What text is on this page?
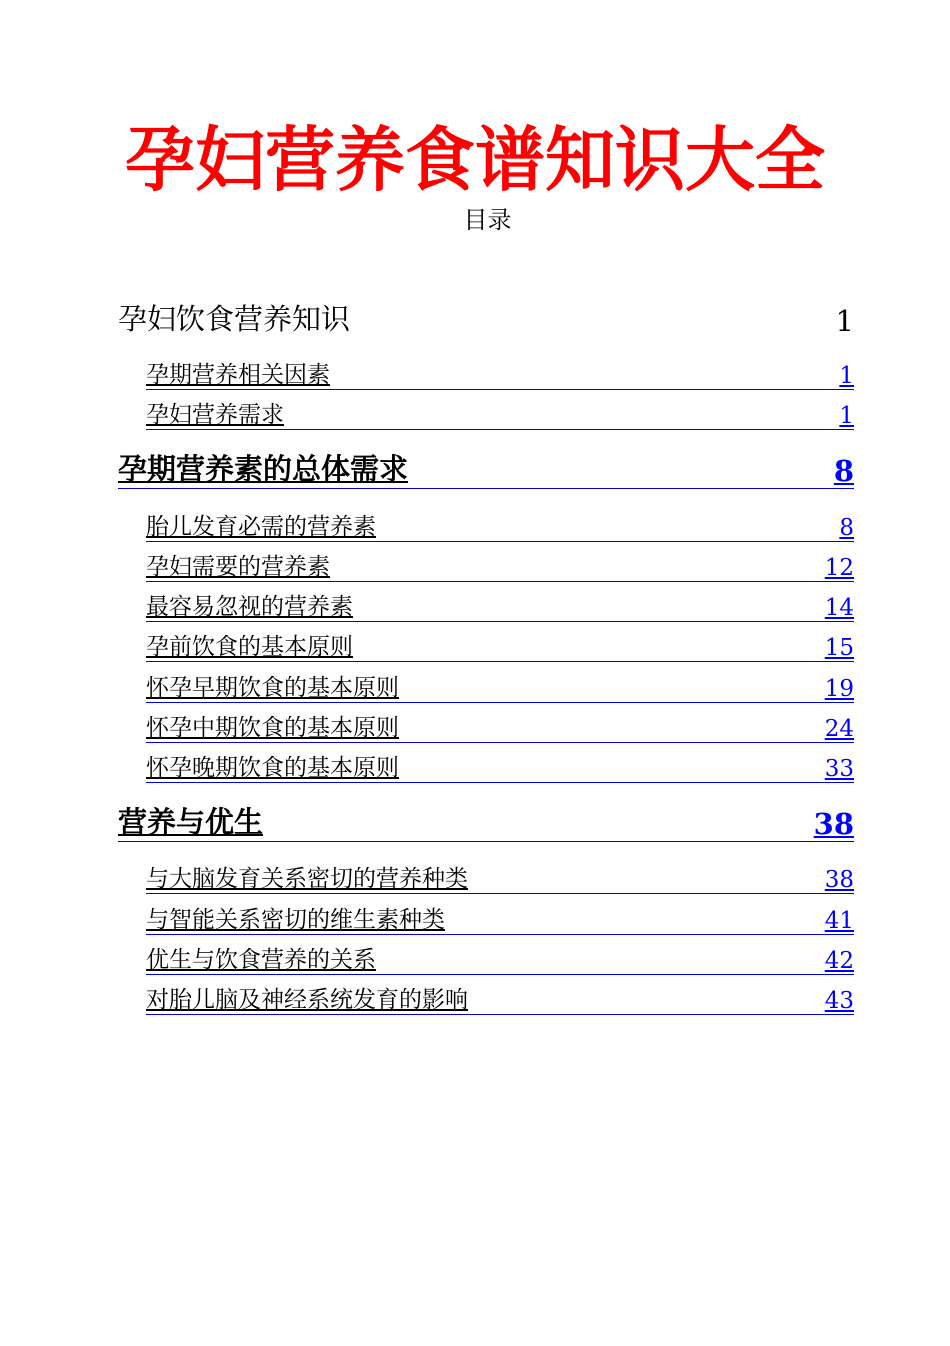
孕妇营养食谱知识大全
目录
孕妇饮食营养知识	1
孕期营养相关因素	1
孕妇营养需求	1
孕期营养素的总体需求	8
胎儿发育必需的营养素	8
孕妇需要的营养素	12
最容易忽视的营养素	14
孕前饮食的基本原则	15
怀孕早期饮食的基本原则	19
怀孕中期饮食的基本原则	24
怀孕晚期饮食的基本原则	33
营养与优生	38
与大脑发育关系密切的营养种类	38
与智能关系密切的维生素种类	41
优生与饮食营养的关系	42
对胎儿脑及神经系统发育的影响	43
